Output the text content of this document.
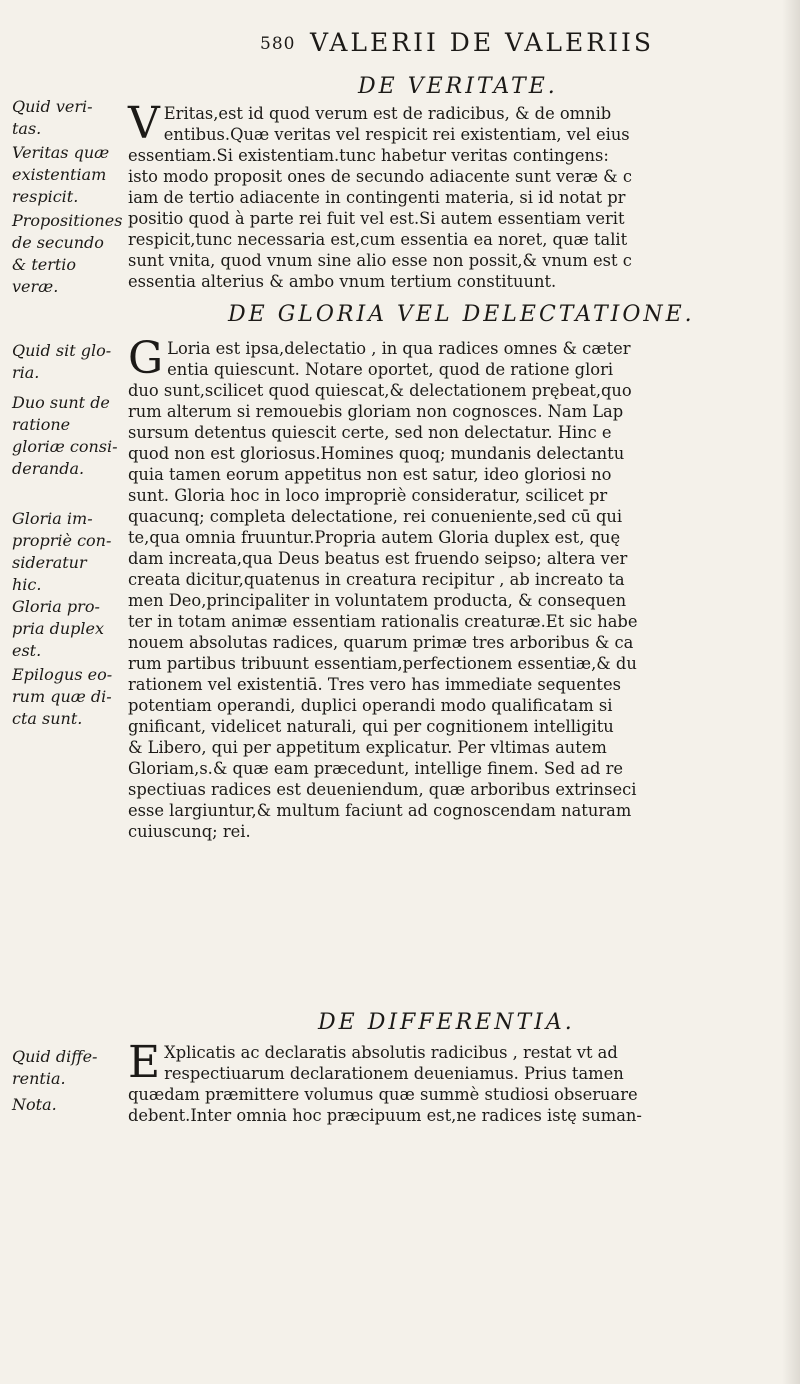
580 VALERII DE VALERIIS
DE VERITATE.
Quid veri-tas.
Veritas quæ existentiam respicit.
Propositiones de secundo & tertio veræ.
V Eritas,est id quod verum est de radicibus, & de omnib
entibus.Quæ veritas vel respicit rei existentiam, vel eius
essentiam.Si existentiam.tunc habetur veritas contingens:
isto modo proposit ones de secundo adiacente sunt veræ & c
iam de tertio adiacente in contingenti materia, si id notat pr
positio quod à parte rei fuit vel est.Si autem essentiam verit
respicit,tunc necessaria est,cum essentia ea noret, quæ talit
sunt vnita, quod vnum sine alio esse non possit,& vnum est c
essentia alterius & ambo vnum tertium constituunt.
DE GLORIA VEL DELECTATIONE.
Quid sit glo-ria.
Duo sunt de ratione gloriæ consi-deranda.
Gloria im-propriè con-sideratur hic.
Gloria pro-pria duplex est.
Epilogus eo-rum quæ di-cta sunt.
G Loria est ipsa,delectatio , in qua radices omnes & cæter
entia quiescunt. Notare oportet, quod de ratione glori
duo sunt,scilicet quod quiescat,& delectationem prębeat,quo
rum alterum si remouebis gloriam non cognosces. Nam Lap
sursum detentus quiescit certe, sed non delectatur. Hinc e
quod non est gloriosus.Homines quoq; mundanis delectantu
quia tamen eorum appetitus non est satur, ideo gloriosi no
sunt. Gloria hoc in loco impropriè consideratur, scilicet pr
quacunq; completa delectatione, rei conueniente,sed cū qui
te,qua omnia fruuntur.Propria autem Gloria duplex est, quę
dam increata,qua Deus beatus est fruendo seipso; altera ver
creata dicitur,quatenus in creatura recipitur , ab increato ta
men Deo,principaliter in voluntatem producta, & consequen
ter in totam animæ essentiam rationalis creaturæ.Et sic habe
nouem absolutas radices, quarum primæ tres arboribus & ca
rum partibus tribuunt essentiam,perfectionem essentiæ,& du
rationem vel existentiā. Tres vero has immediate sequentes
potentiam operandi, duplici operandi modo qualificatam si
gnificant, videlicet naturali, qui per cognitionem intelligitu
& Libero, qui per appetitum explicatur. Per vltimas autem
Gloriam,s.& quæ eam præcedunt, intellige finem. Sed ad re
spectiuas radices est deueniendum, quæ arboribus extrinseci
esse largiuntur,& multum faciunt ad cognoscendam naturam
cuiuscunq; rei.
DE DIFFERENTIA.
Quid diffe-rentia.
Nota.
E Xplicatis ac declaratis absolutis radicibus , restat vt ad
respectiuarum declarationem deueniamus. Prius tamen
quædam præmittere volumus quæ summè studiosi obseruare
debent.Inter omnia hoc præcipuum est,ne radices istę suman-
